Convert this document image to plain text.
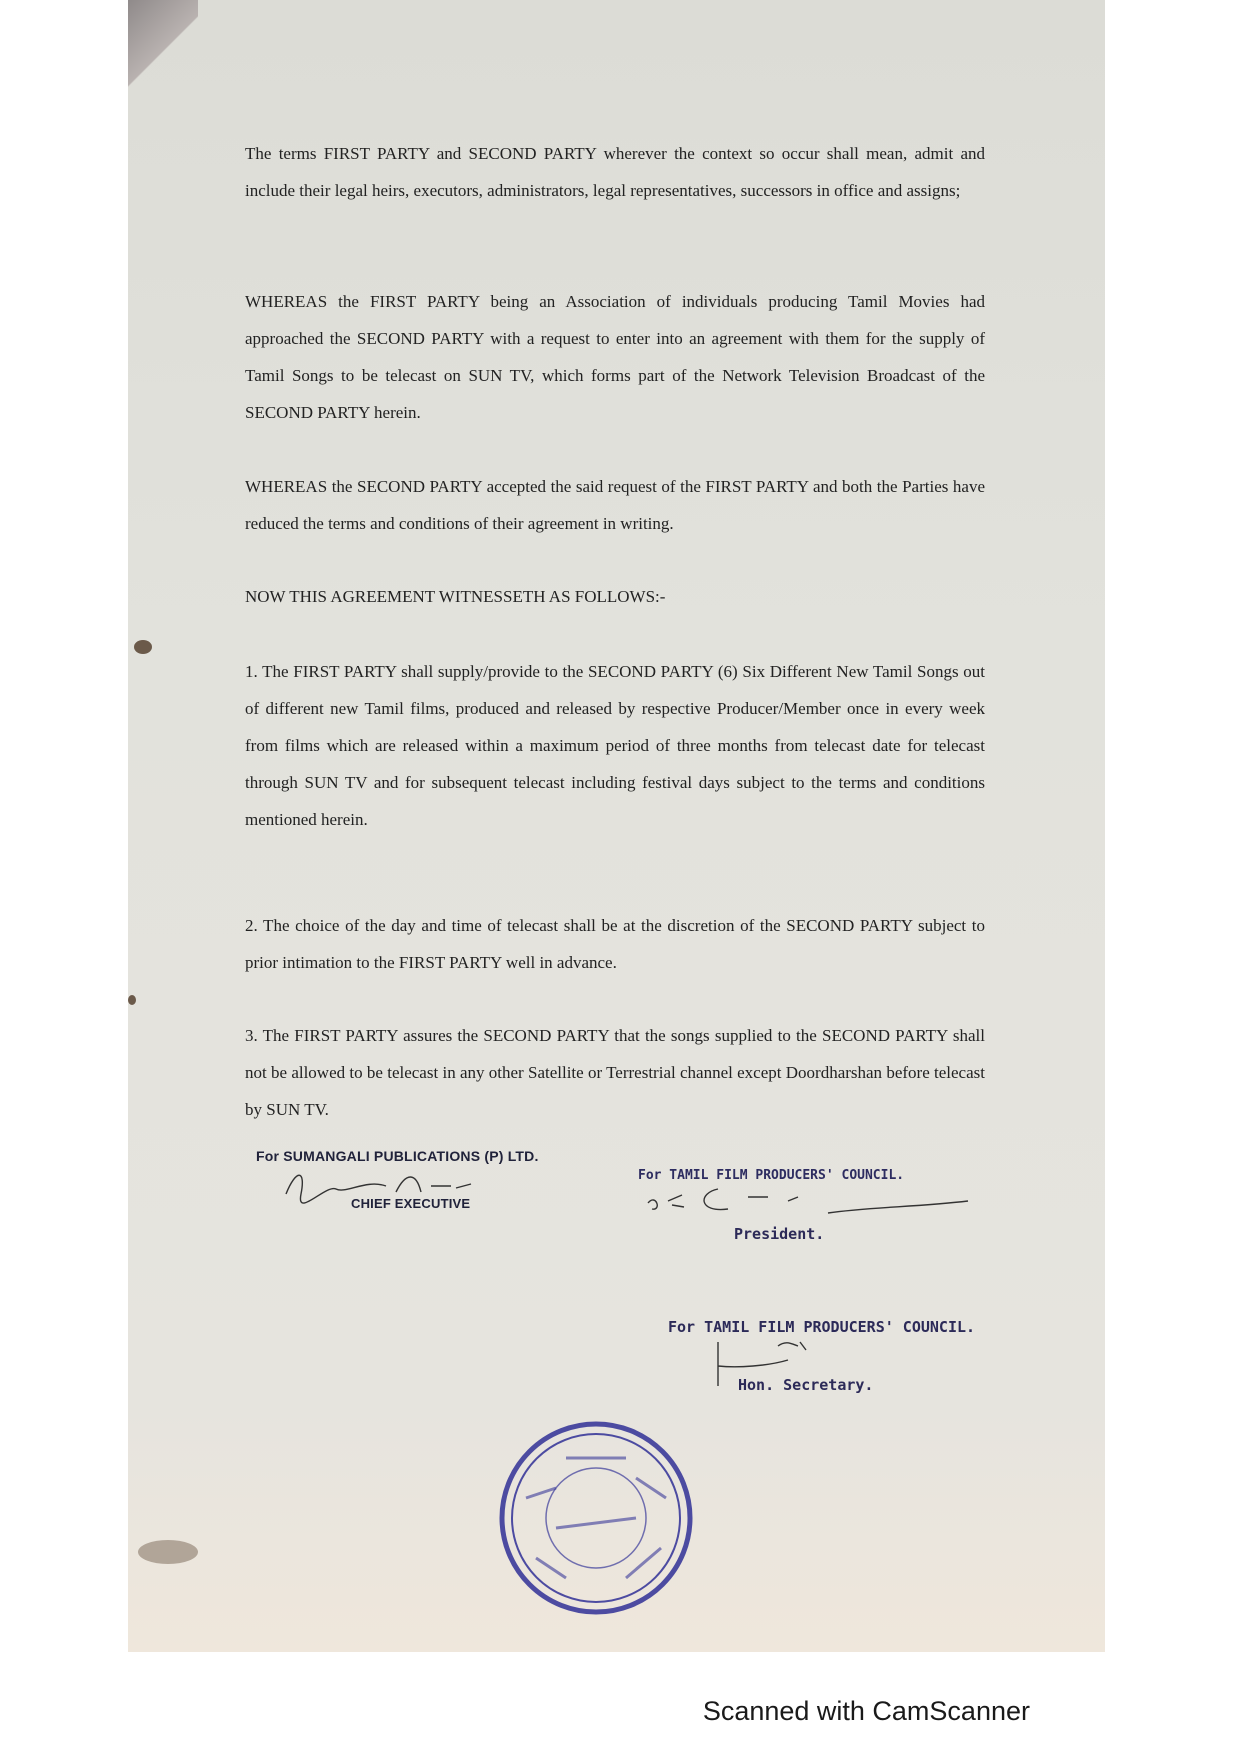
The terms FIRST PARTY and SECOND PARTY wherever the context so occur shall mean, admit and include their legal heirs, executors, administrators, legal representatives, successors in office and assigns;
WHEREAS the FIRST PARTY being an Association of individuals producing Tamil Movies had approached the SECOND PARTY with a request to enter into an agreement with them for the supply of Tamil Songs to be telecast on SUN TV, which forms part of the Network Television Broadcast of the SECOND PARTY herein.
WHEREAS the SECOND PARTY accepted the said request of the FIRST PARTY and both the Parties have reduced the terms and conditions of their agreement in writing.
NOW THIS AGREEMENT WITNESSETH AS FOLLOWS:-
1. The FIRST PARTY shall supply/provide to the SECOND PARTY (6) Six Different New Tamil Songs out of different new Tamil films, produced and released by respective Producer/Member once in every week from films which are released within a maximum period of three months from telecast date for telecast through SUN TV and for subsequent telecast including festival days subject to the terms and conditions mentioned herein.
2. The choice of the day and time of telecast shall be at the discretion of the SECOND PARTY subject to prior intimation to the FIRST PARTY well in advance.
3. The FIRST PARTY assures the SECOND PARTY that the songs supplied to the SECOND PARTY shall not be allowed to be telecast in any other Satellite or Terrestrial channel except Doordharshan before telecast by SUN TV.
For SUMANGALI PUBLICATIONS (P) LTD.
CHIEF EXECUTIVE
For TAMIL FILM PRODUCERS' COUNCIL.
President.
For TAMIL FILM PRODUCERS' COUNCIL.
Hon. Secretary.
Scanned with CamScanner
